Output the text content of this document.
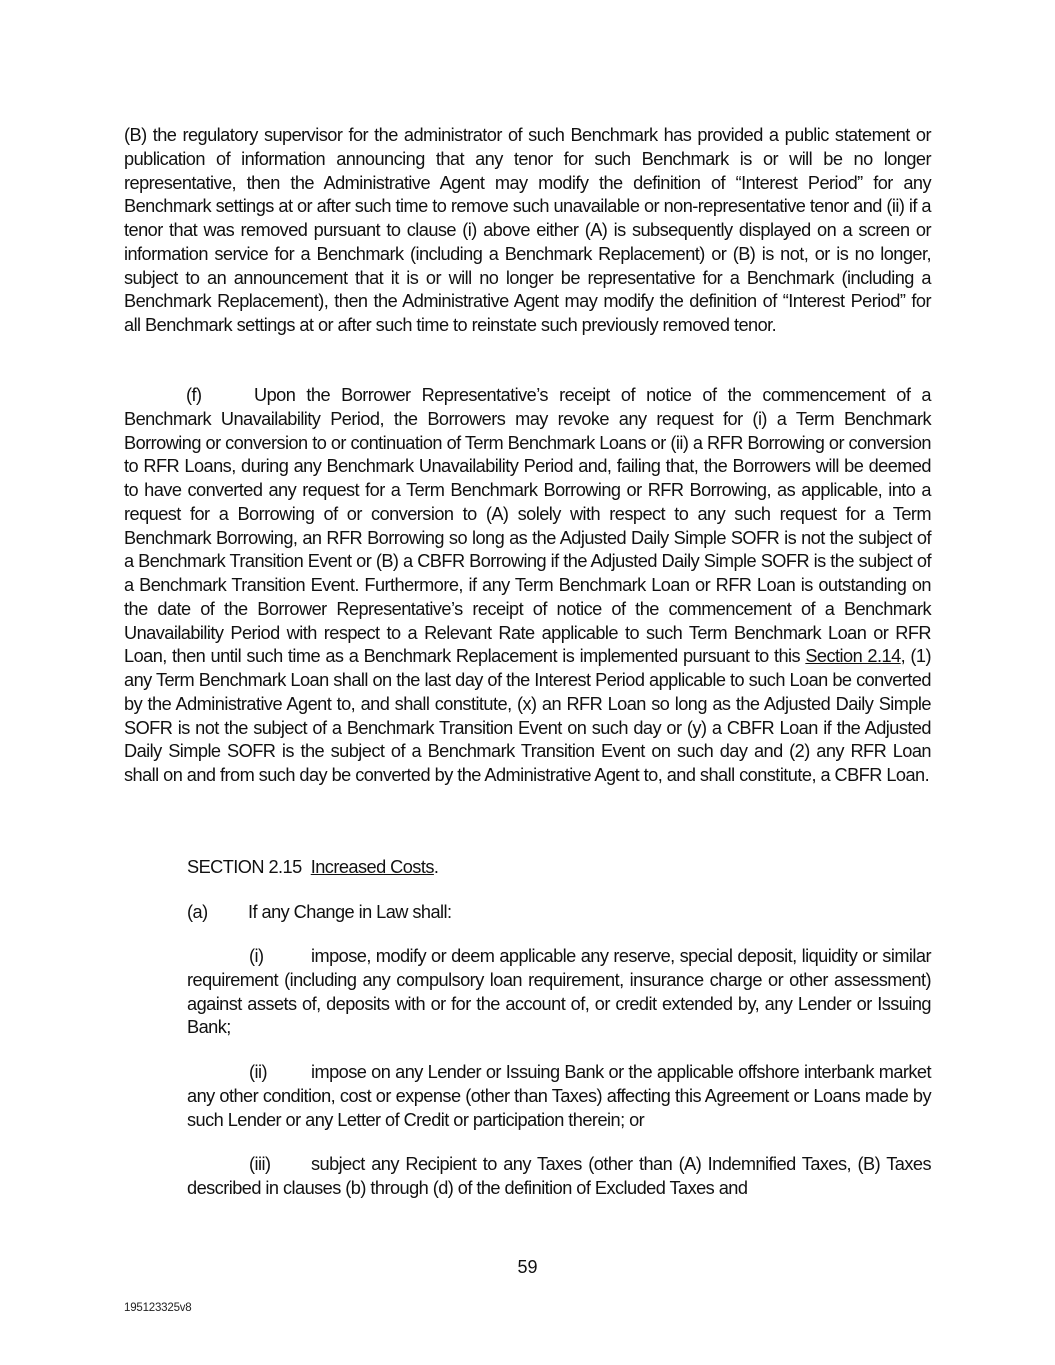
(B) the regulatory supervisor for the administrator of such Benchmark has provided a public statement or publication of information announcing that any tenor for such Benchmark is or will be no longer representative, then the Administrative Agent may modify the definition of “Interest Period” for any Benchmark settings at or after such time to remove such unavailable or non-representative tenor and (ii) if a tenor that was removed pursuant to clause (i) above either (A) is subsequently displayed on a screen or information service for a Benchmark (including a Benchmark Replacement) or (B) is not, or is no longer, subject to an announcement that it is or will no longer be representative for a Benchmark (including a Benchmark Replacement), then the Administrative Agent may modify the definition of “Interest Period” for all Benchmark settings at or after such time to reinstate such previously removed tenor.

(f)	Upon the Borrower Representative’s receipt of notice of the commencement of a Benchmark Unavailability Period, the Borrowers may revoke any request for (i) a Term Benchmark Borrowing or conversion to or continuation of Term Benchmark Loans or (ii) a RFR Borrowing or conversion to RFR Loans, during any Benchmark Unavailability Period and, failing that, the Borrowers will be deemed to have converted any request for a Term Benchmark Borrowing or RFR Borrowing, as applicable, into a request for a Borrowing of or conversion to (A) solely with respect to any such request for a Term Benchmark Borrowing, an RFR Borrowing so long as the Adjusted Daily Simple SOFR is not the subject of a Benchmark Transition Event or (B) a CBFR Borrowing if the Adjusted Daily Simple SOFR is the subject of a Benchmark Transition Event. Furthermore, if any Term Benchmark Loan or RFR Loan is outstanding on the date of the Borrower Representative’s receipt of notice of the commencement of a Benchmark Unavailability Period with respect to a Relevant Rate applicable to such Term Benchmark Loan or RFR Loan, then until such time as a Benchmark Replacement is implemented pursuant to this Section 2.14, (1) any Term Benchmark Loan shall on the last day of the Interest Period applicable to such Loan be converted by the Administrative Agent to, and shall constitute, (x) an RFR Loan so long as the Adjusted Daily Simple SOFR is not the subject of a Benchmark Transition Event on such day or (y) a CBFR Loan if the Adjusted Daily Simple SOFR is the subject of a Benchmark Transition Event on such day and (2) any RFR Loan shall on and from such day be converted by the Administrative Agent to, and shall constitute, a CBFR Loan.

SECTION 2.15 Increased Costs.

(a) If any Change in Law shall:

(i)	impose, modify or deem applicable any reserve, special deposit, liquidity or similar requirement (including any compulsory loan requirement, insurance charge or other assessment) against assets of, deposits with or for the account of, or credit extended by, any Lender or Issuing Bank;

(ii) impose on any Lender or Issuing Bank or the applicable offshore interbank market any other condition, cost or expense (other than Taxes) affecting this Agreement or Loans made by such Lender or any Letter of Credit or participation therein; or

(iii) subject any Recipient to any Taxes (other than (A) Indemnified Taxes, (B) Taxes described in clauses (b) through (d) of the definition of Excluded Taxes and

59
195123325v8
